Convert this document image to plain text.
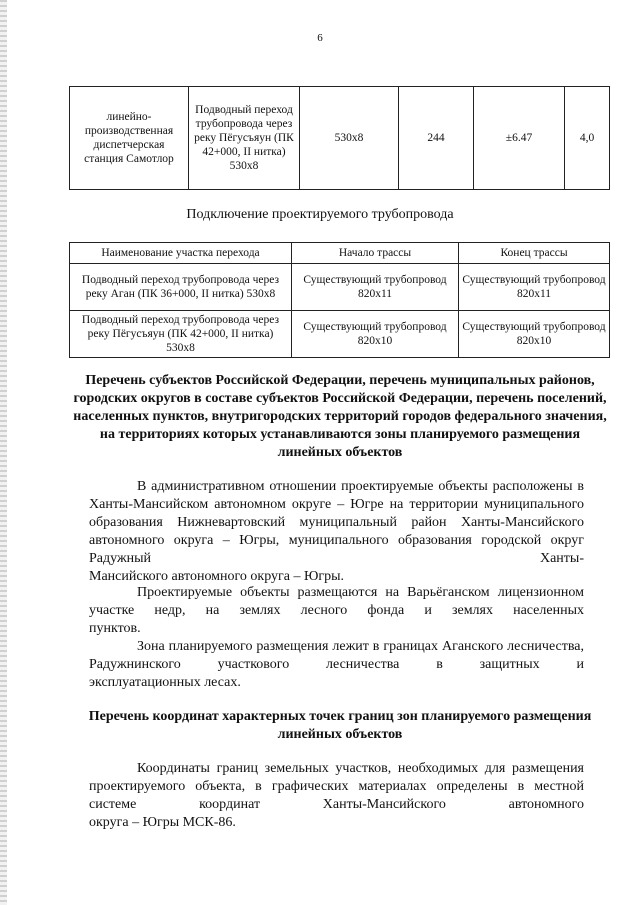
6
линейно-производственная диспетчерская станция Самотлор	Подводный переход трубопровода через реку Пёгусъяун (ПК 42+000, II нитка) 530х8	530х8	244	±6.47	4,0
Подключение проектируемого трубопровода
Наименование участка перехода	Начало трассы	Конец трассы
Подводный переход трубопровода через реку Аган (ПК 36+000, II нитка) 530х8	Существующий трубопровод 820х11	Существующий трубопровод 820х11
Подводный переход трубопровода через реку Пёгусъяун (ПК 42+000, II нитка) 530х8	Существующий трубопровод 820х10	Существующий трубопровод 820х10
Перечень субъектов Российской Федерации, перечень муниципальных районов, городских округов в составе субъектов Российской Федерации, перечень поселений, населенных пунктов, внутригородских территорий городов федерального значения, на территориях которых устанавливаются зоны планируемого размещения линейных объектов
В административном отношении проектируемые объекты расположены в Ханты-Мансийском автономном округе – Югре на территории муниципального образования Нижневартовский муниципальный район Ханты-Мансийского автономного округа – Югры, муниципального образования городской округ Радужный Ханты-
Мансийского автономного округа – Югры.
Проектируемые объекты размещаются на Варьёганском лицензионном участке недр, на землях лесного фонда и землях населенных
пунктов.
Зона планируемого размещения лежит в границах Аганского лесничества, Радужнинского участкового лесничества в защитных и
эксплуатационных лесах.
Перечень координат характерных точек границ зон планируемого размещения линейных объектов
Координаты границ земельных участков, необходимых для размещения проектируемого объекта, в графических материалах определены в местной системе координат Ханты-Мансийского автономного
округа – Югры МСК-86.
